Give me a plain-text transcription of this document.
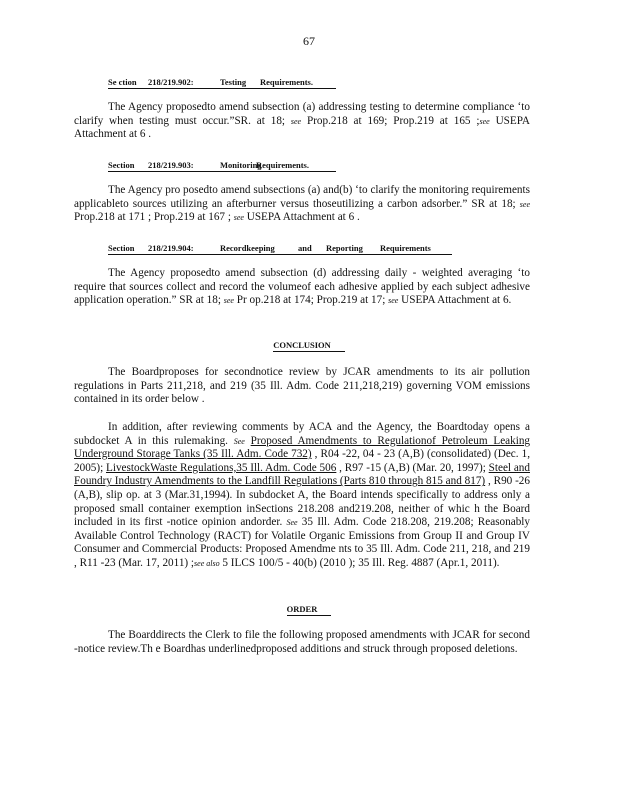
67
Se ction 218/219.902:	Testing Requirements.
The Agency proposedto amend subsection (a) addressing testing to determine compliance ‘to clarify when testing must occur.”SR. at 18; see Prop.218 at 169; Prop.219 at 165 ;see USEPA Attachment at 6 .
Section 218/219.903:	MonitoringRequirements.
The Agency pro posedto amend subsections (a) and(b) ‘to clarify the monitoring requirements applicableto sources utilizing an afterburner versus thoseutilizing a carbon adsorber.” SR at 18; see Prop.218 at 171 ; Prop.219 at 167 ; see USEPA Attachment at 6 .
Section 218/219.904:	Recordkeeping	and Reporting Requirements
The Agency proposedto amend subsection (d) addressing daily - weighted averaging ‘to require that sources collect and record the volumeof each adhesive applied by each subject adhesive application operation.” SR at 18; see Pr op.218 at 174; Prop.219 at 17; see USEPA Attachment at 6.
CONCLUSION
The Boardproposes for secondnotice review by JCAR amendments to its air pollution regulations in Parts 211,218, and 219 (35 Ill. Adm. Code 211,218,219) governing VOM emissions contained in its order below .
In addition, after reviewing comments by ACA and the Agency, the Boardtoday opens a subdocket A in this rulemaking. See Proposed Amendments to Regulationof Petroleum Leaking Underground Storage Tanks (35 Ill. Adm. Code 732) , R04 -22, 04 - 23 (A,B) (consolidated) (Dec. 1, 2005); LivestockWaste Regulations,35 Ill. Adm. Code 506 , R97 -15 (A,B) (Mar. 20, 1997); Steel and Foundry Industry Amendments to the Landfill Regulations (Parts 810 through 815 and 817) , R90 -26 (A,B), slip op. at 3 (Mar.31,1994). In subdocket A, the Board intends specifically to address only a proposed small container exemption inSections 218.208 and219.208, neither of whic h the Board included in its first -notice opinion andorder. See 35 Ill. Adm. Code 218.208, 219.208; Reasonably Available Control Technology (RACT) for Volatile Organic Emissions from Group II and Group IV Consumer and Commercial Products: Proposed Amendme nts to 35 Ill. Adm. Code 211, 218, and 219 , R11 -23 (Mar. 17, 2011) ;see also 5 ILCS 100/5 - 40(b) (2010 ); 35 Ill. Reg. 4887 (Apr.1, 2011).
ORDER
The Boarddirects the Clerk to file the following proposed amendments with JCAR for second -notice review.Th e Boardhas underlinedproposed additions and struck through proposed deletions.
